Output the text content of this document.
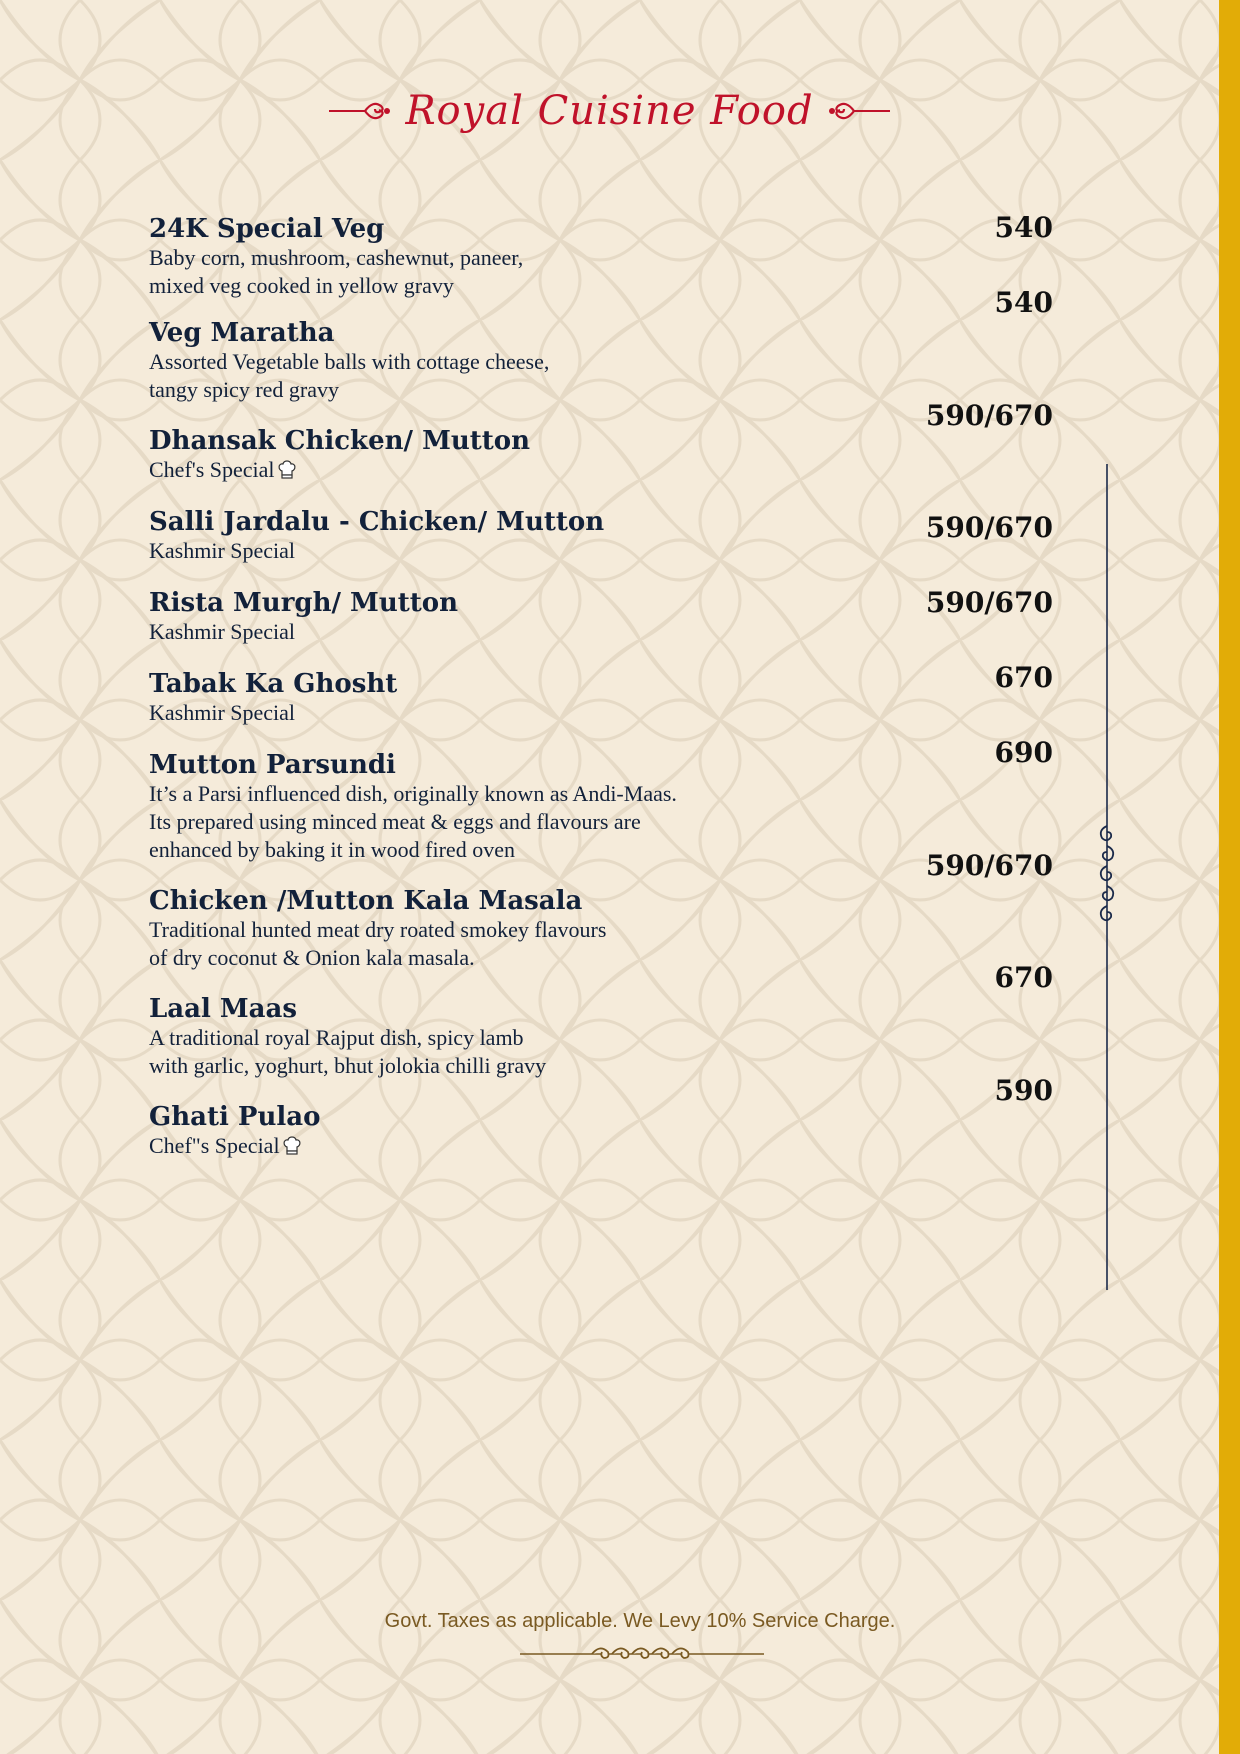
Royal Cuisine Food
24K Special Veg
Baby corn, mushroom, cashewnut, paneer,
mixed veg cooked in yellow gravy
Veg Maratha
Assorted Vegetable balls with cottage cheese,
tangy spicy red gravy
Dhansak Chicken/ Mutton
Chef's Special
Salli Jardalu - Chicken/ Mutton
Kashmir Special
Rista Murgh/ Mutton
Kashmir Special
Tabak Ka Ghosht
Kashmir Special
Mutton Parsundi
It’s a Parsi influenced dish, originally known as Andi-Maas.
Its prepared using minced meat & eggs and flavours are
enhanced by baking it in wood fired oven
Chicken /Mutton Kala Masala
Traditional hunted meat dry roated smokey flavours
of dry coconut & Onion kala masala.
Laal Maas
A traditional royal Rajput dish, spicy lamb
with garlic, yoghurt, bhut jolokia chilli gravy
Ghati Pulao
Chef"s Special
540
540
590/670
590/670
590/670
670
690
590/670
670
590
Govt. Taxes as applicable. We Levy 10% Service Charge.
